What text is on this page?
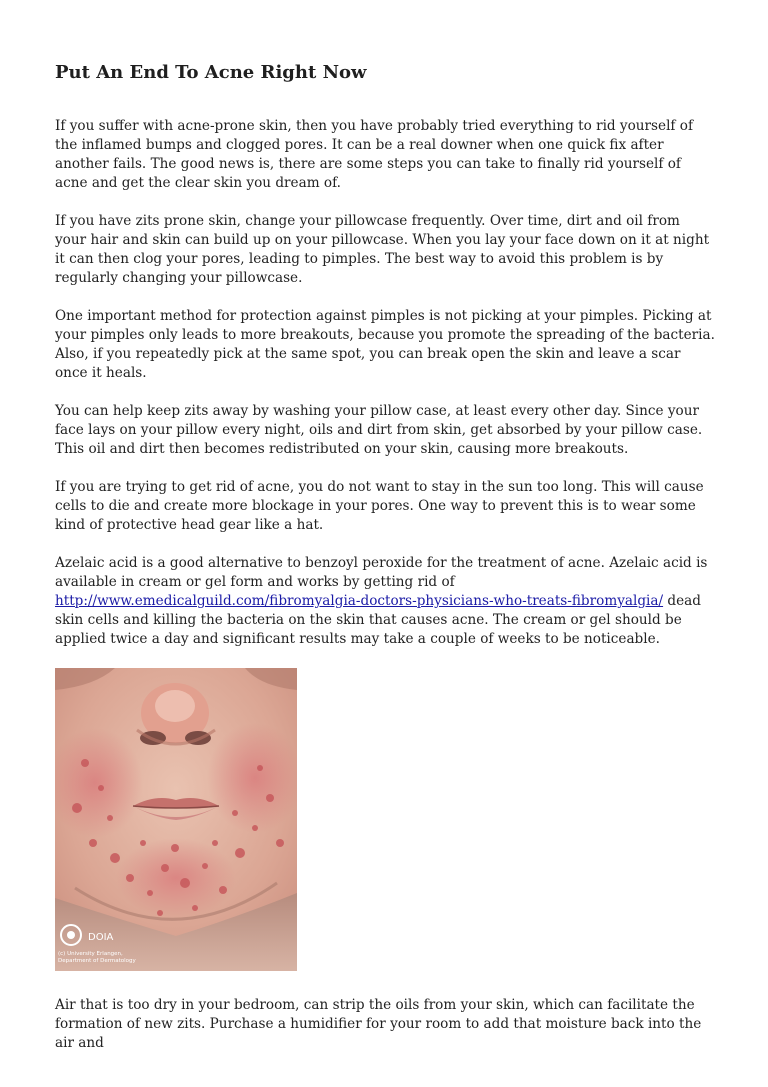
Put An End To Acne Right Now

If you suffer with acne-prone skin, then you have probably tried everything to rid yourself of the inflamed bumps and clogged pores. It can be a real downer when one quick fix after another fails. The good news is, there are some steps you can take to finally rid yourself of acne and get the clear skin you dream of.

If you have zits prone skin, change your pillowcase frequently. Over time, dirt and oil from your hair and skin can build up on your pillowcase. When you lay your face down on it at night it can then clog your pores, leading to pimples. The best way to avoid this problem is by regularly changing your pillowcase.

One important method for protection against pimples is not picking at your pimples. Picking at your pimples only leads to more breakouts, because you promote the spreading of the bacteria. Also, if you repeatedly pick at the same spot, you can break open the skin and leave a scar once it heals.

You can help keep zits away by washing your pillow case, at least every other day. Since your face lays on your pillow every night, oils and dirt from skin, get absorbed by your pillow case. This oil and dirt then becomes redistributed on your skin, causing more breakouts.

If you are trying to get rid of acne, you do not want to stay in the sun too long. This will cause cells to die and create more blockage in your pores. One way to prevent this is to wear some kind of protective head gear like a hat.

Azelaic acid is a good alternative to benzoyl peroxide for the treatment of acne. Azelaic acid is available in cream or gel form and works by getting rid of http://www.emedicalguild.com/fibromyalgia-doctors-physicians-who-treats-fibromyalgia/ dead skin cells and killing the bacteria on the skin that causes acne. The cream or gel should be applied twice a day and significant results may take a couple of weeks to be noticeable.

DOIA
(c) University Erlangen,
Department of Dermatology

Air that is too dry in your bedroom, can strip the oils from your skin, which can facilitate the formation of new zits. Purchase a humidifier for your room to add that moisture back into the air and
